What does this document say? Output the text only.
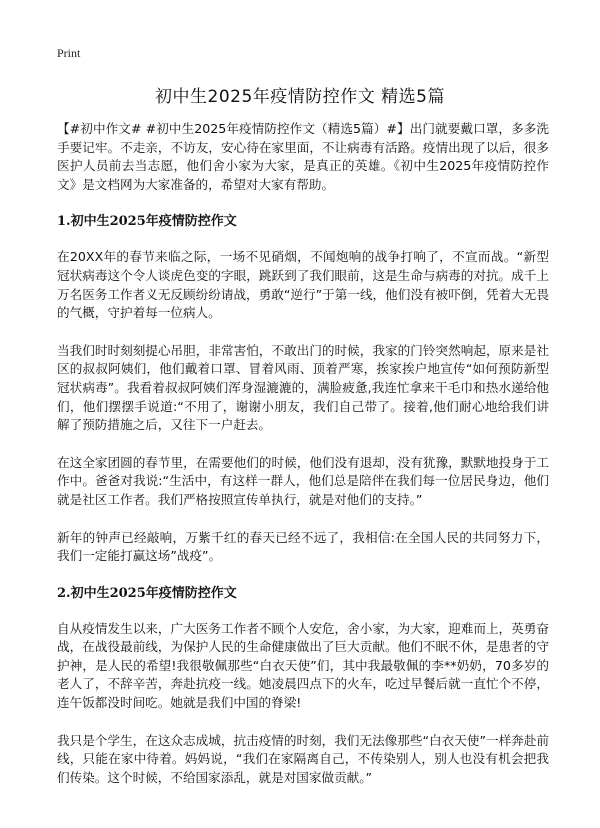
Print
初中生2025年疫情防控作文 精选5篇

【#初中作文# #初中生2025年疫情防控作文（精选5篇）#】出门就要戴口罩，多多洗手要记牢。不走亲，不访友，安心待在家里面，不让病毒有活路。疫情出现了以后，很多医护人员前去当志愿，他们舍小家为大家，是真正的英雄。《初中生2025年疫情防控作文》是文档网为大家准备的，希望对大家有帮助。

1.初中生2025年疫情防控作文

在20XX年的春节来临之际，一场不见硝烟，不闻炮响的战争打响了，不宣而战。“新型冠状病毒这个令人谈虎色变的字眼，跳跃到了我们眼前，这是生命与病毒的对抗。成千上万名医务工作者义无反顾纷纷请战，勇敢“逆行”于第一线，他们没有被吓倒，凭着大无畏的气概，守护着每一位病人。

当我们时时刻刻提心吊胆，非常害怕，不敢出门的时候，我家的门铃突然响起，原来是社区的叔叔阿姨们，他们戴着口罩、冒着风雨、顶着严寒，挨家挨户地宣传“如何预防新型冠状病毒”。我看着叔叔阿姨们浑身湿漉漉的，满脸疲惫,我连忙拿来干毛巾和热水递给他们，他们摆摆手说道:“不用了，谢谢小朋友，我们自己带了。接着,他们耐心地给我们讲解了预防措施之后，又往下一户赶去。

在这全家团圆的春节里，在需要他们的时候，他们没有退却，没有犹豫，默默地投身于工作中。爸爸对我说:“生活中，有这样一群人，他们总是陪伴在我们每一位居民身边，他们就是社区工作者。我们严格按照宣传单执行，就是对他们的支持。”

新年的钟声已经敲响，万紫千红的春天已经不远了，我相信:在全国人民的共同努力下，我们一定能打赢这场”战疫”。

2.初中生2025年疫情防控作文

自从疫情发生以来，广大医务工作者不顾个人安危，舍小家，为大家，迎难而上，英勇奋战，在战役最前线，为保护人民的生命健康做出了巨大贡献。他们不眠不休，是患者的守护神，是人民的希望!我很敬佩那些“白衣天使”们，其中我最敬佩的李**奶奶，70多岁的老人了，不辞辛苦，奔赴抗疫一线。她凌晨四点下的火车，吃过早餐后就一直忙个不停，连午饭都没时间吃。她就是我们中国的脊梁!

我只是个学生，在这众志成城，抗击疫情的时刻，我们无法像那些“白衣天使”一样奔赴前线，只能在家中待着。妈妈说，“我们在家隔离自己，不传染别人，别人也没有机会把我们传染。这个时候，不给国家添乱，就是对国家做贡献。”
